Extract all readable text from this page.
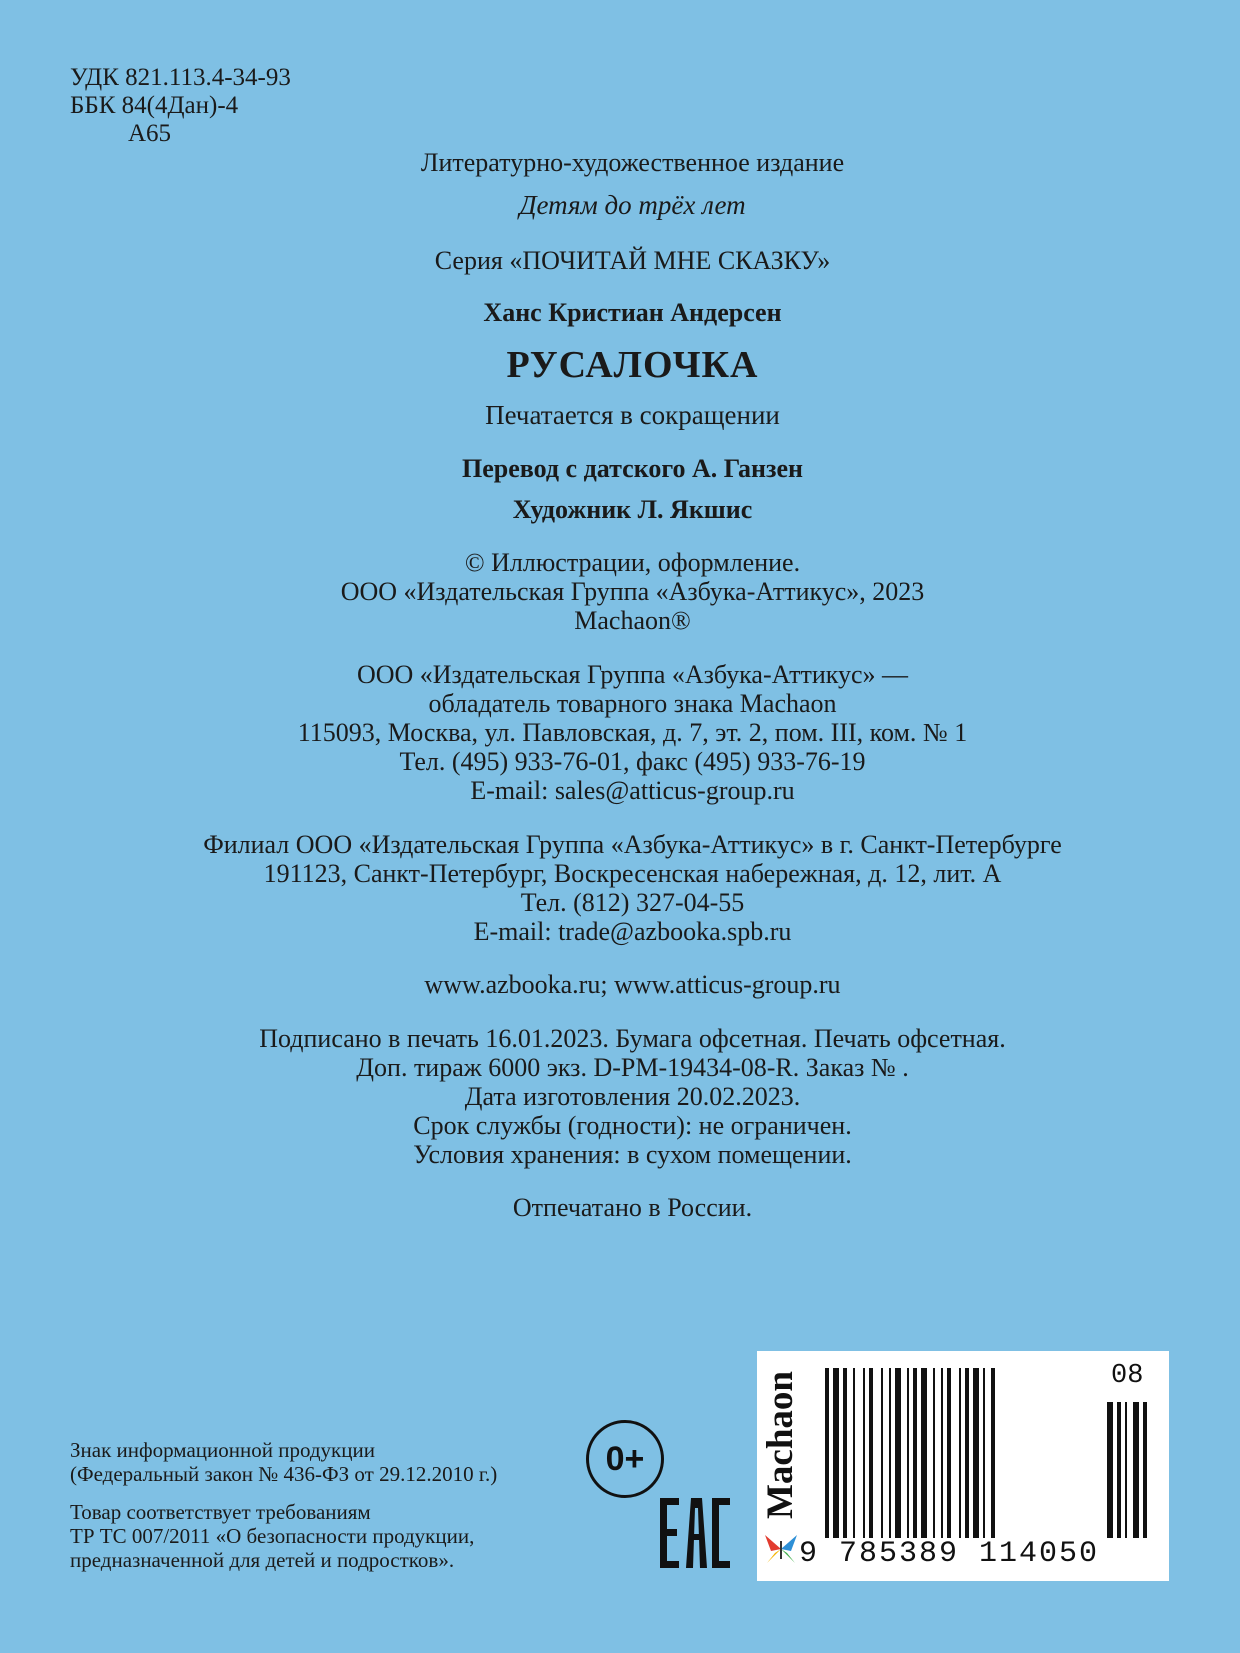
УДК 821.113.4-34-93
ББК 84(4Дан)-4
А65
Литературно-художественное издание
Детям до трёх лет
Серия «ПОЧИТАЙ МНЕ СКАЗКУ»
Ханс Кристиан Андерсен
РУСАЛОЧКА
Печатается в сокращении
Перевод с датского А. Ганзен
Художник Л. Якшис
© Иллюстрации, оформление.
ООО «Издательская Группа «Азбука-Аттикус», 2023
Machaon®
ООО «Издательская Группа «Азбука-Аттикус» —
обладатель товарного знака Machaon
115093, Москва, ул. Павловская, д. 7, эт. 2, пом. III, ком. № 1
Тел. (495) 933-76-01, факс (495) 933-76-19
E-mail: sales@atticus-group.ru
Филиал ООО «Издательская Группа «Азбука-Аттикус» в г. Санкт-Петербурге
191123, Санкт-Петербург, Воскресенская набережная, д. 12, лит. А
Тел. (812) 327-04-55
E-mail: trade@azbooka.spb.ru
www.azbooka.ru; www.atticus-group.ru
Подписано в печать 16.01.2023. Бумага офсетная. Печать офсетная.
Доп. тираж 6000 экз. D-PM-19434-08-R. Заказ № .
Дата изготовления 20.02.2023.
Срок службы (годности): не ограничен.
Условия хранения: в сухом помещении.
Отпечатано в России.
Знак информационной продукции
(Федеральный закон № 436-ФЗ от 29.12.2010 г.)
Товар соответствует требованиям
ТР ТС 007/2011 «О безопасности продукции,
предназначенной для детей и подростков».
0+	Machaon	08
9 785389 114050
